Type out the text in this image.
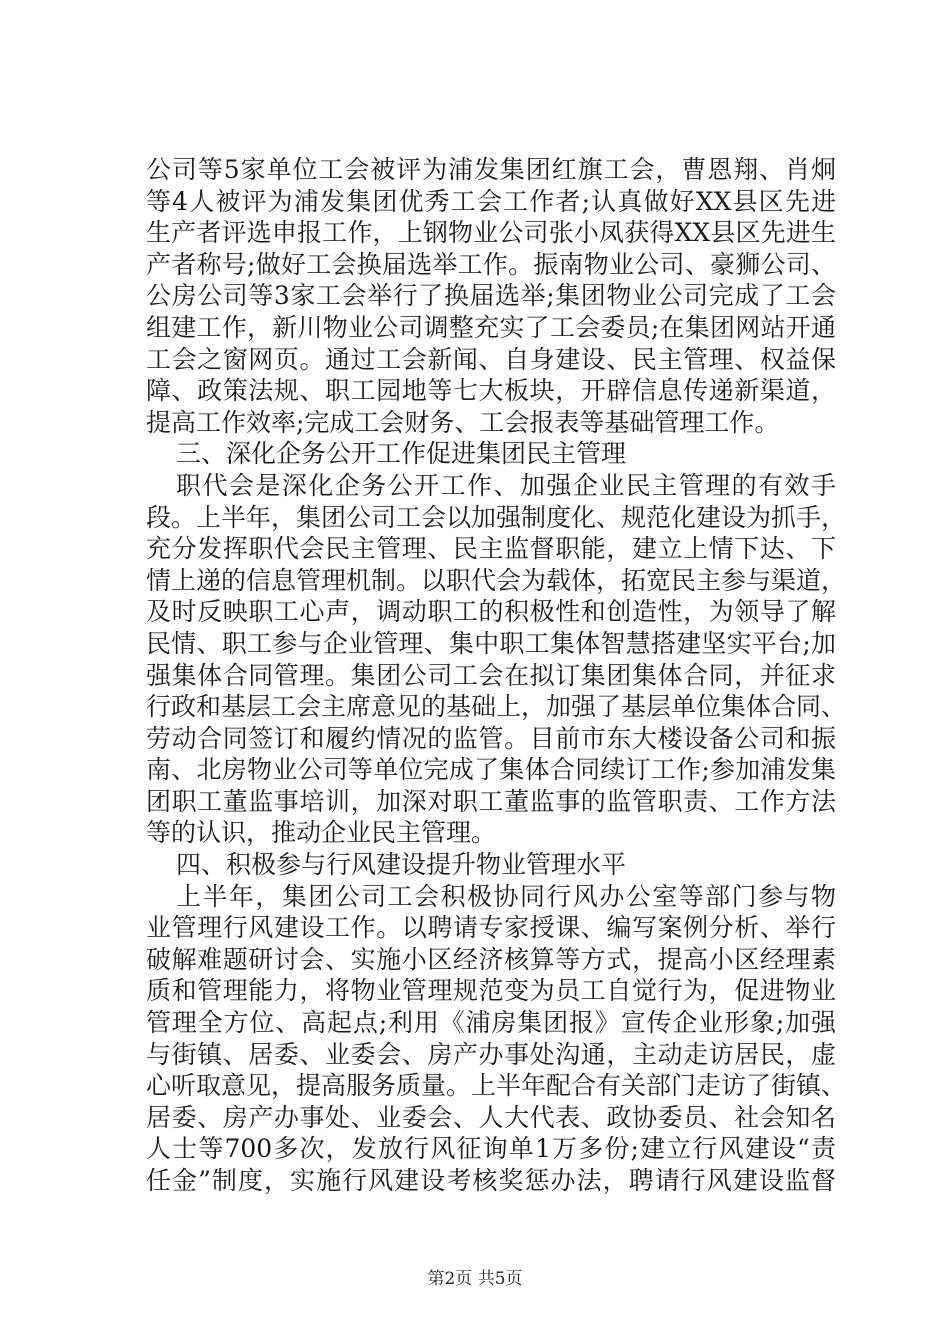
公司等5家单位工会被评为浦发集团红旗工会，曹恩翔、肖炯
等4人被评为浦发集团优秀工会工作者;认真做好XX县区先进
生产者评选申报工作，上钢物业公司张小凤获得XX县区先进生
产者称号;做好工会换届选举工作。振南物业公司、豪狮公司、
公房公司等3家工会举行了换届选举;集团物业公司完成了工会
组建工作，新川物业公司调整充实了工会委员;在集团网站开通
工会之窗网页。通过工会新闻、自身建设、民主管理、权益保
障、政策法规、职工园地等七大板块，开辟信息传递新渠道，
提高工作效率;完成工会财务、工会报表等基础管理工作。
三、深化企务公开工作促进集团民主管理
职代会是深化企务公开工作、加强企业民主管理的有效手
段。上半年，集团公司工会以加强制度化、规范化建设为抓手，
充分发挥职代会民主管理、民主监督职能，建立上情下达、下
情上递的信息管理机制。以职代会为载体，拓宽民主参与渠道，
及时反映职工心声，调动职工的积极性和创造性，为领导了解
民情、职工参与企业管理、集中职工集体智慧搭建坚实平台;加
强集体合同管理。集团公司工会在拟订集团集体合同，并征求
行政和基层工会主席意见的基础上，加强了基层单位集体合同、
劳动合同签订和履约情况的监管。目前市东大楼设备公司和振
南、北房物业公司等单位完成了集体合同续订工作;参加浦发集
团职工董监事培训，加深对职工董监事的监管职责、工作方法
等的认识，推动企业民主管理。
四、积极参与行风建设提升物业管理水平
上半年，集团公司工会积极协同行风办公室等部门参与物
业管理行风建设工作。以聘请专家授课、编写案例分析、举行
破解难题研讨会、实施小区经济核算等方式，提高小区经理素
质和管理能力，将物业管理规范变为员工自觉行为，促进物业
管理全方位、高起点;利用《浦房集团报》宣传企业形象;加强
与街镇、居委、业委会、房产办事处沟通，主动走访居民，虚
心听取意见，提高服务质量。上半年配合有关部门走访了街镇、
居委、房产办事处、业委会、人大代表、政协委员、社会知名
人士等700多次，发放行风征询单1万多份;建立行风建设“责
任金”制度，实施行风建设考核奖惩办法，聘请行风建设监督
第2页 共5页
